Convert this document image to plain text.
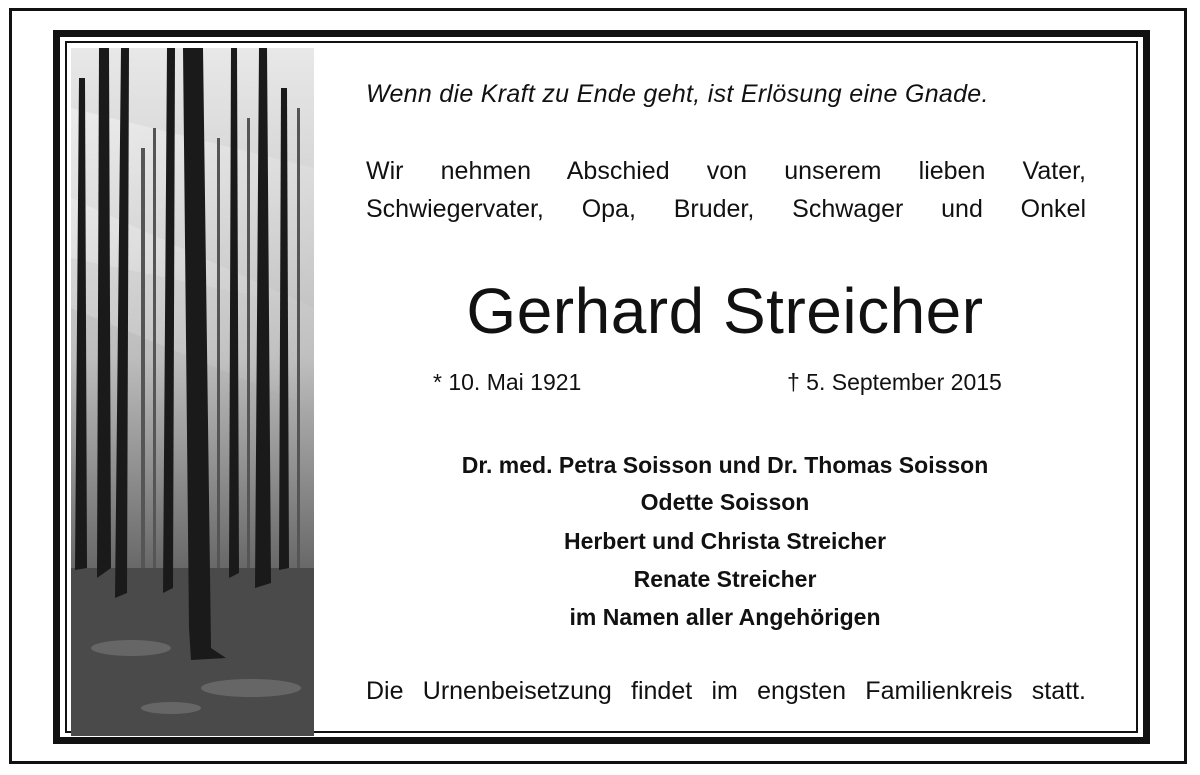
Wenn die Kraft zu Ende geht, ist Erlösung eine Gnade.
Wir nehmen Abschied von unserem lieben Vater,
Schwiegervater, Opa, Bruder, Schwager und Onkel
Gerhard Streicher
* 10. Mai 1921	† 5. September 2015
Dr. med. Petra Soisson und Dr. Thomas Soisson
Odette Soisson
Herbert und Christa Streicher
Renate Streicher
im Namen aller Angehörigen
Die Urnenbeisetzung findet im engsten Familienkreis statt.
